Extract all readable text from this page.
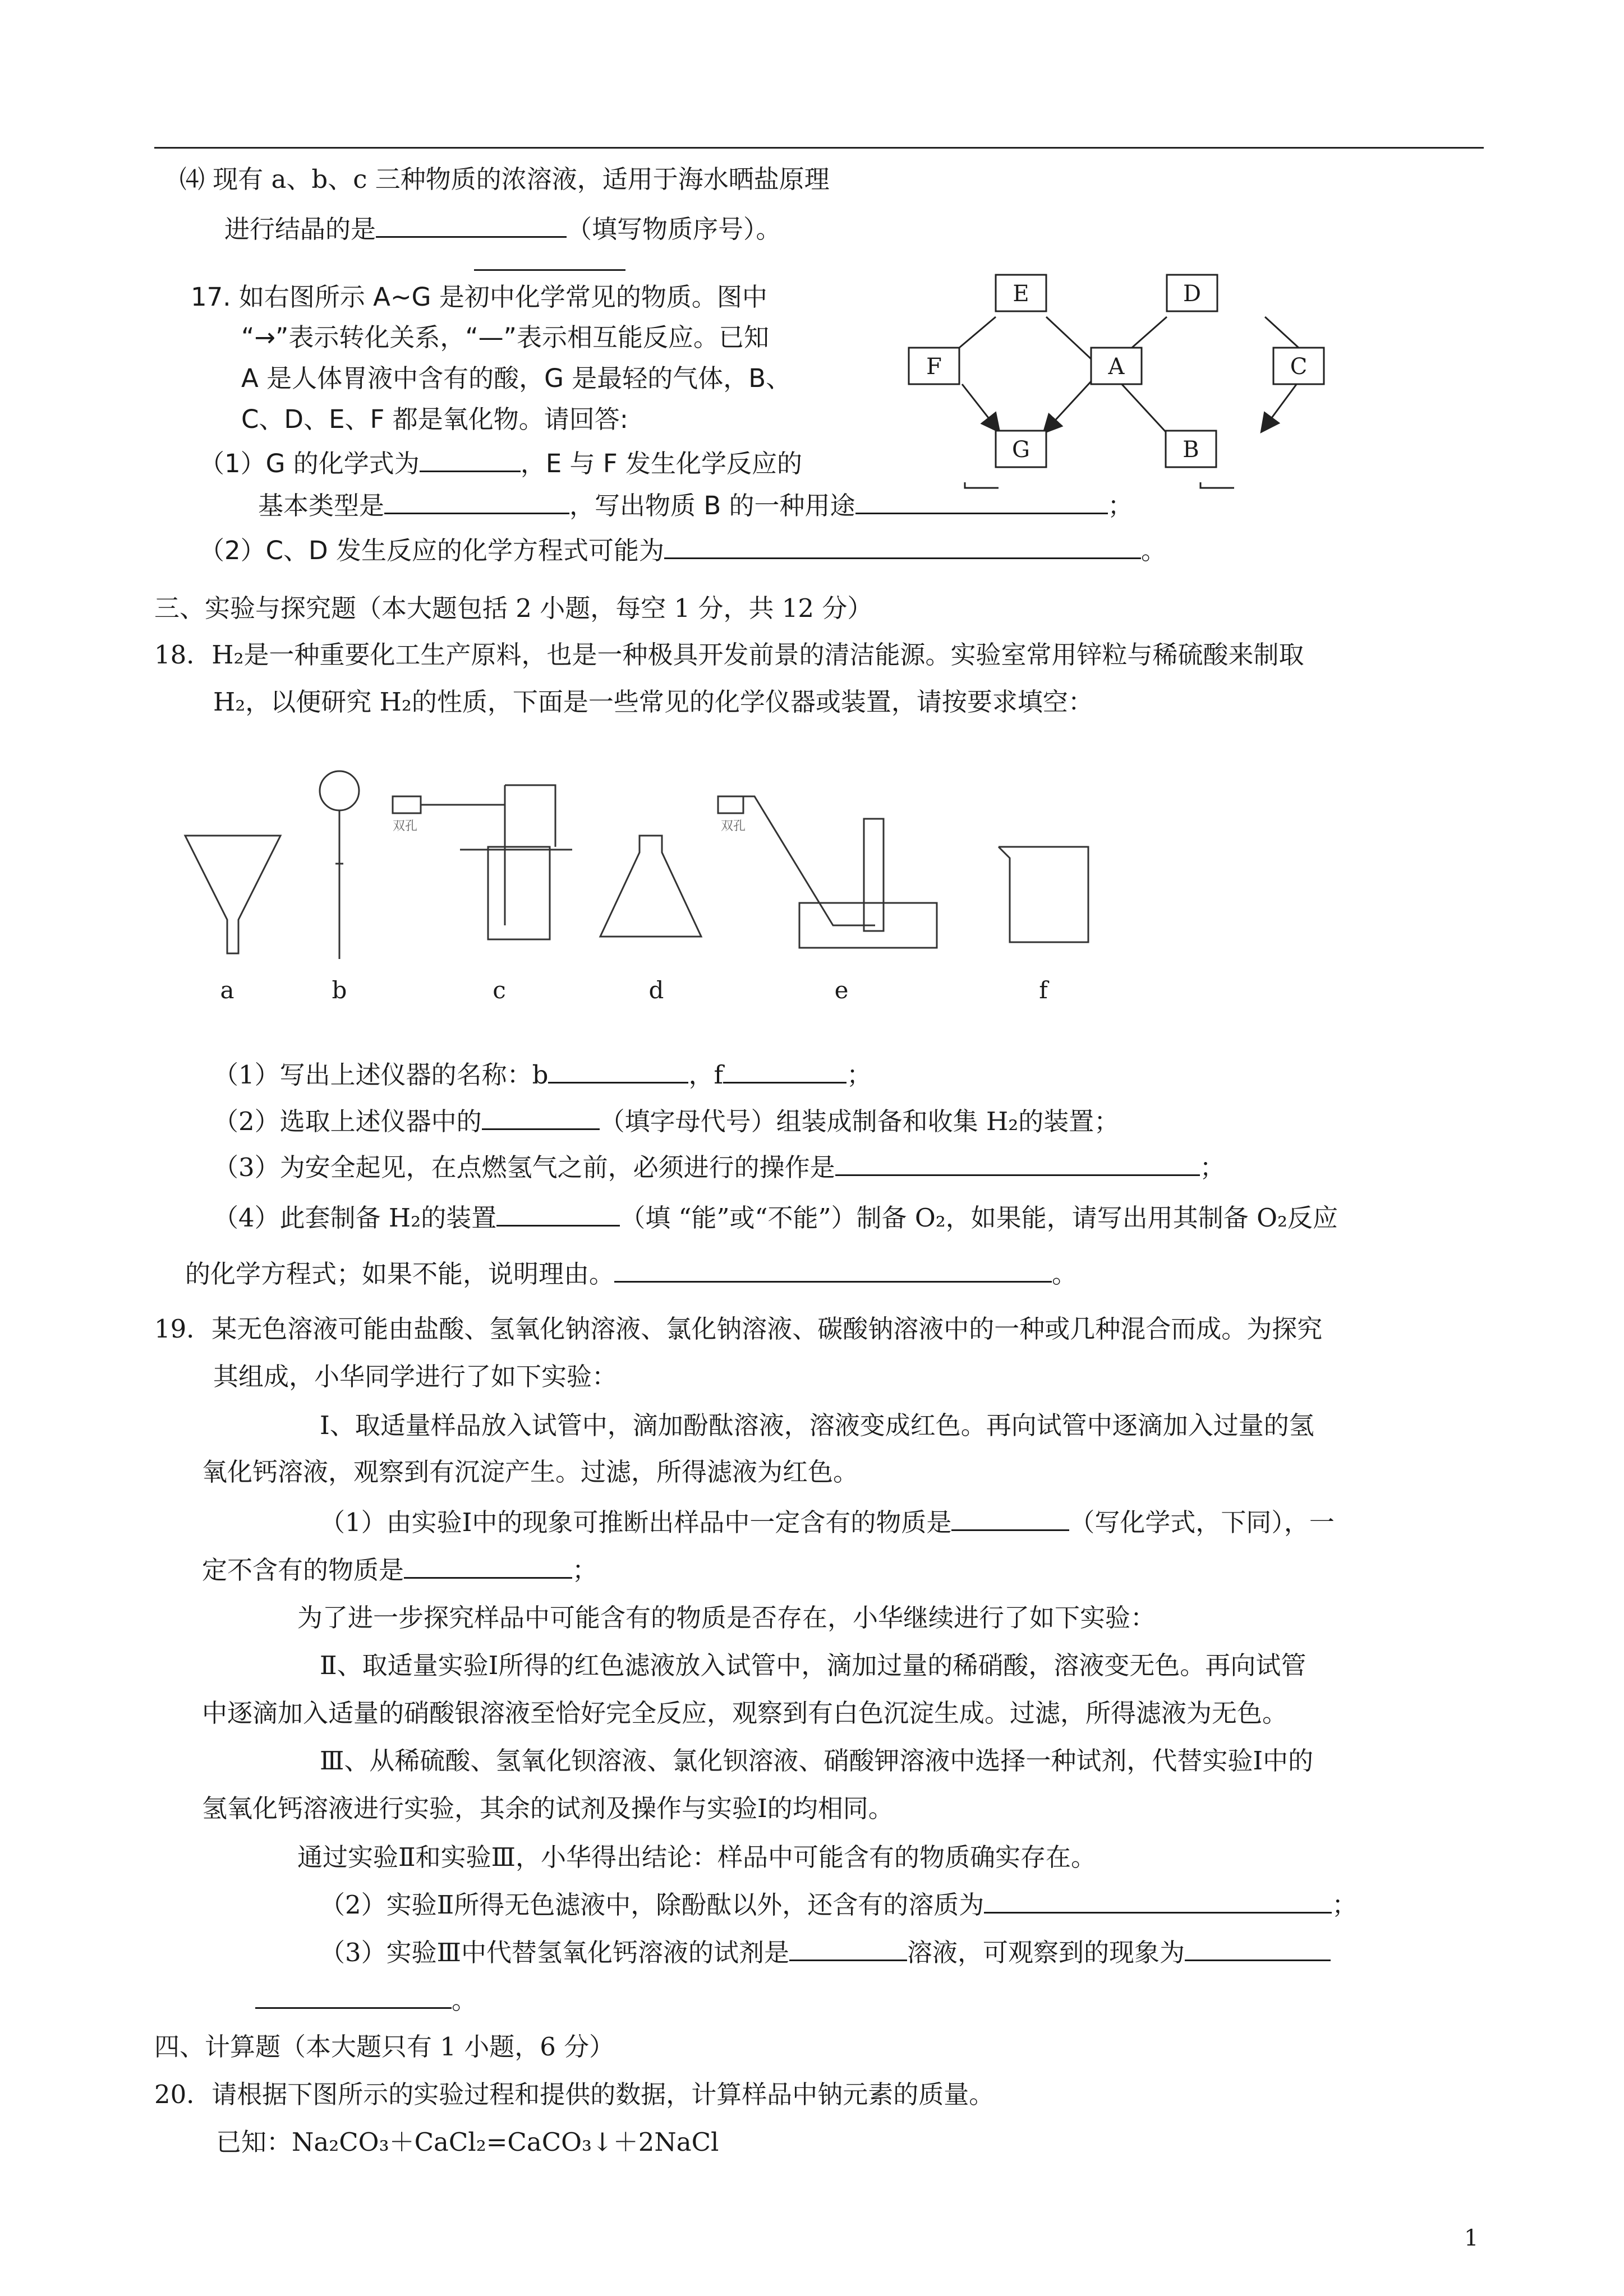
⑷ 现有 a、b、c 三种物质的浓溶液，适用于海水晒盐原理
进行结晶的是	（填写物质序号）。
17. 如右图所示 A~G 是初中化学常见的物质。图中
“→”表示转化关系，“—”表示相互能反应。已知
A 是人体胃液中含有的酸，G 是最轻的气体，B、
C、D、E、F 都是氧化物。请回答:
（1）G 的化学式为	，E 与 F 发生化学反应的
基本类型是	，写出物质 B 的一种用途	；
（2）C、D 发生反应的化学方程式可能为	。
E	D
F	A	C
G	B
三、实验与探究题（本大题包括 2 小题，每空 1 分，共 12 分）
18．H₂是一种重要化工生产原料，也是一种极具开发前景的清洁能源。实验室常用锌粒与稀硫酸来制取
H₂，以便研究 H₂的性质，下面是一些常见的化学仪器或装置，请按要求填空：
双孔	双孔
a	b	c	d	e	f
（1）写出上述仪器的名称：b	，f	；
（2）选取上述仪器中的	（填字母代号）组装成制备和收集 H₂的装置；
（3）为安全起见，在点燃氢气之前，必须进行的操作是	；
（4）此套制备 H₂的装置	（填 “能”或“不能”）制备 O₂，如果能，请写出用其制备 O₂反应
的化学方程式；如果不能，说明理由。	。
19．某无色溶液可能由盐酸、氢氧化钠溶液、氯化钠溶液、碳酸钠溶液中的一种或几种混合而成。为探究
其组成，小华同学进行了如下实验：
Ⅰ、取适量样品放入试管中，滴加酚酞溶液，溶液变成红色。再向试管中逐滴加入过量的氢
氧化钙溶液，观察到有沉淀产生。过滤，所得滤液为红色。
（1）由实验Ⅰ中的现象可推断出样品中一定含有的物质是	（写化学式，下同），一
定不含有的物质是	；
为了进一步探究样品中可能含有的物质是否存在，小华继续进行了如下实验：
Ⅱ、取适量实验Ⅰ所得的红色滤液放入试管中，滴加过量的稀硝酸，溶液变无色。再向试管
中逐滴加入适量的硝酸银溶液至恰好完全反应，观察到有白色沉淀生成。过滤，所得滤液为无色。
Ⅲ、从稀硫酸、氢氧化钡溶液、氯化钡溶液、硝酸钾溶液中选择一种试剂，代替实验Ⅰ中的
氢氧化钙溶液进行实验，其余的试剂及操作与实验Ⅰ的均相同。
通过实验Ⅱ和实验Ⅲ，小华得出结论：样品中可能含有的物质确实存在。
（2）实验Ⅱ所得无色滤液中，除酚酞以外，还含有的溶质为	；
（3）实验Ⅲ中代替氢氧化钙溶液的试剂是	溶液，可观察到的现象为
。
四、计算题（本大题只有 1 小题，6 分）
20．请根据下图所示的实验过程和提供的数据，计算样品中钠元素的质量。
已知：Na₂CO₃＋CaCl₂=CaCO₃↓＋2NaCl
1
